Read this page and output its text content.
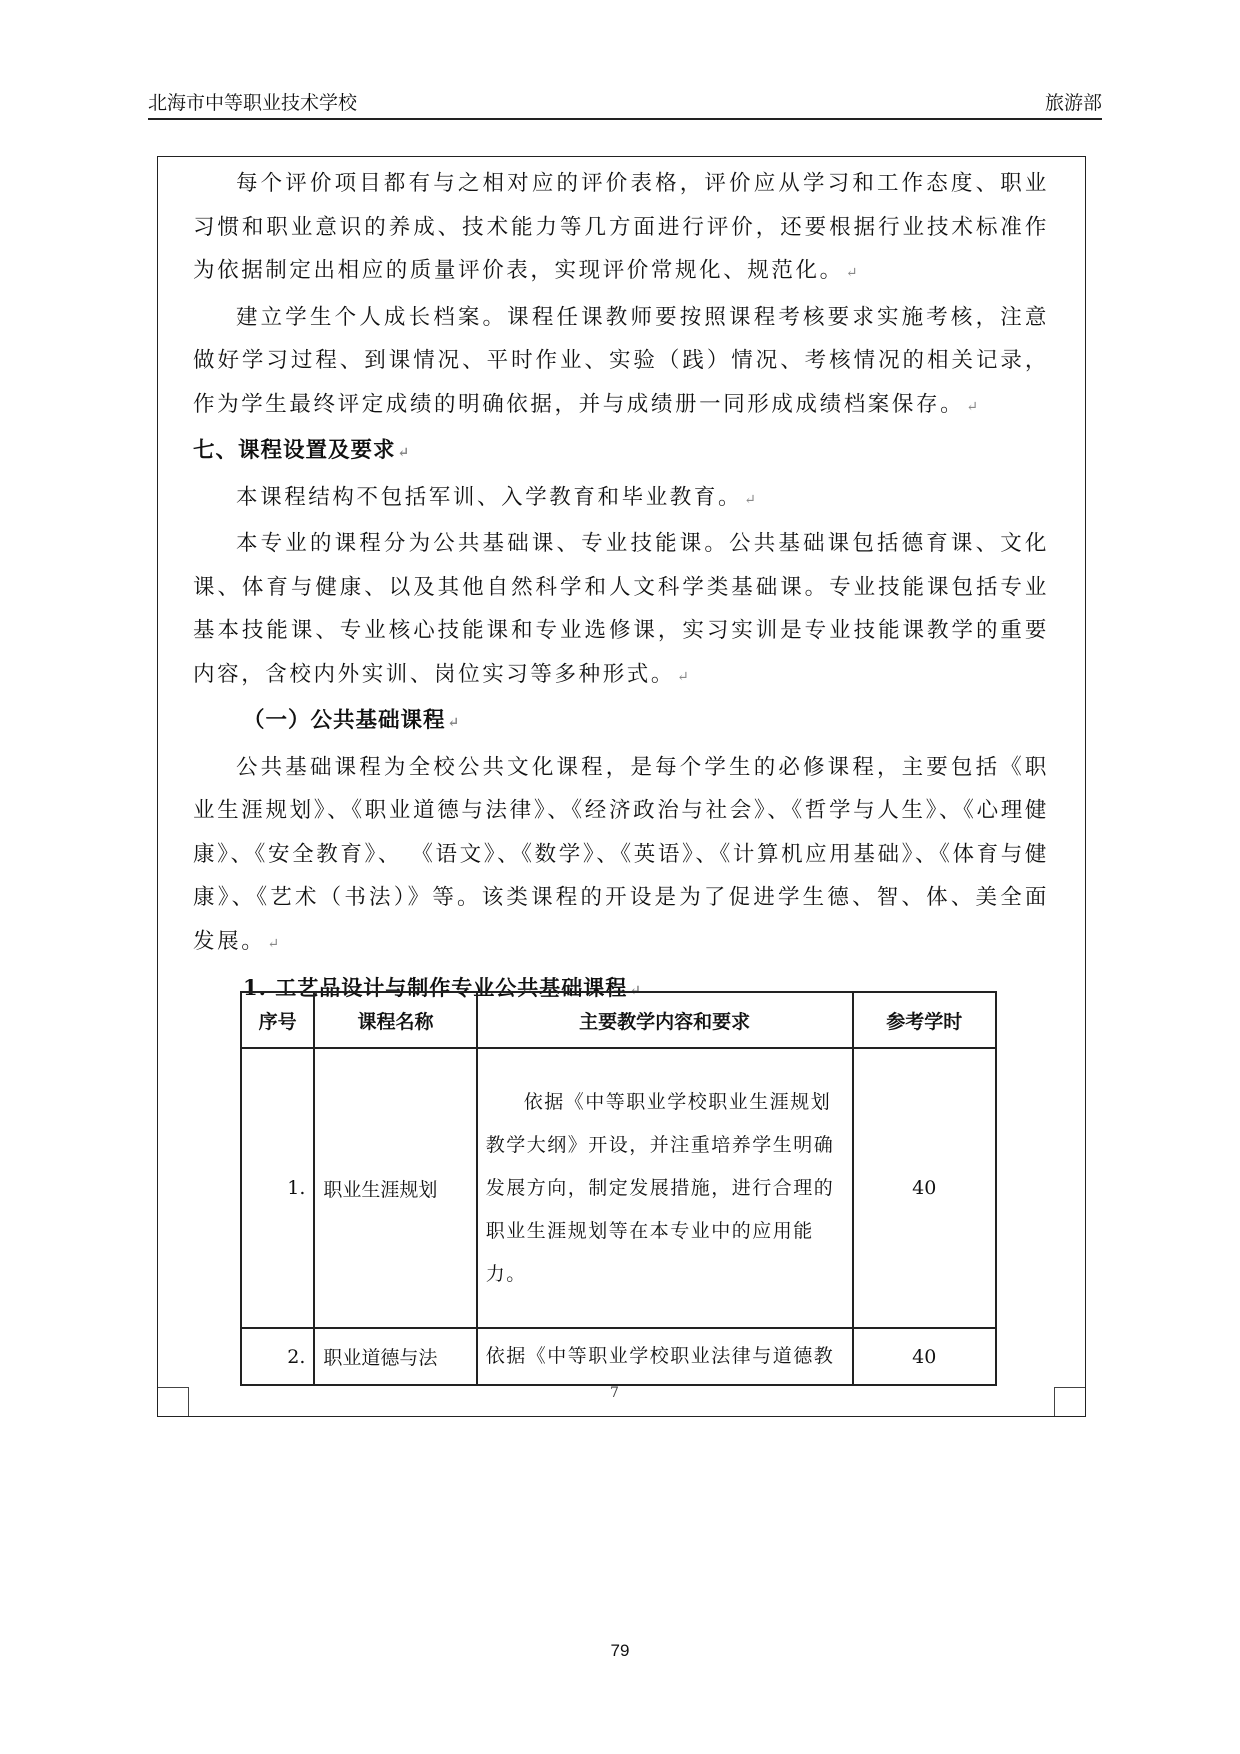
北海市中等职业技术学校	旅游部

每个评价项目都有与之相对应的评价表格，评价应从学习和工作态度、职业习惯和职业意识的养成、技术能力等几方面进行评价，还要根据行业技术标准作为依据制定出相应的质量评价表，实现评价常规化、规范化。 ↵

建立学生个人成长档案。课程任课教师要按照课程考核要求实施考核，注意做好学习过程、到课情况、平时作业、实验（践）情况、考核情况的相关记录，作为学生最终评定成绩的明确依据，并与成绩册一同形成成绩档案保存。 ↵

七、课程设置及要求 ↵

本课程结构不包括军训、入学教育和毕业教育。 ↵

本专业的课程分为公共基础课、专业技能课。公共基础课包括德育课、文化课、体育与健康、以及其他自然科学和人文科学类基础课。专业技能课包括专业基本技能课、专业核心技能课和专业选修课，实习实训是专业技能课教学的重要内容，含校内外实训、岗位实习等多种形式。 ↵

（一）公共基础课程 ↵

公共基础课程为全校公共文化课程，是每个学生的必修课程，主要包括《职业生涯规划》、《职业道德与法律》、《经济政治与社会》、《哲学与人生》、《心理健康》、《安全教育》、 《语文》、《数学》、《英语》、《计算机应用基础》、《体育与健康》、《艺术（书法）》等。该类课程的开设是为了促进学生德、智、体、美全面发展。 ↵

1. 工艺品设计与制作专业公共基础课程 ↵

序号	课程名称	主要教学内容和要求	参考学时
1.	职业生涯规划	依据《中等职业学校职业生涯规划教学大纲》开设，并注重培养学生明确发展方向，制定发展措施，进行合理的职业生涯规划等在本专业中的应用能力。	40
2.	职业道德与法	依据《中等职业学校职业法律与道德教	40
7
79
